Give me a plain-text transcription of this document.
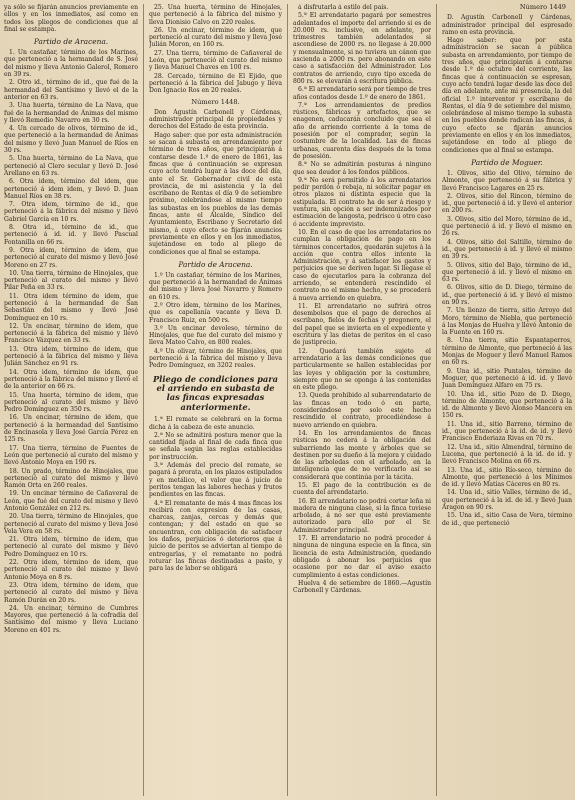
ya sólo se fijarán anuncios previamente en ellos y en los inmediatos, así como en todos los pliegos de condiciones que al final se estampa.

Partido de Aracena.

1. Un castañar, término de los Marines, que perteneció a la hermandad de S. José del mismo y lleva Antonio Galerol, Romero en 39 rs.

2. Otro id., término de id., que fué de la hermandad del Santísimo y llevó el de la anterior en 63 rs.

3. Una huerta, término de La Nava, que fué de la hermandad de Ánimas del mismo y llevó Remedio Navarro en 30 rs.

4. Un cercado de olivos, término de id., que perteneció a la hermandad de Ánimas del mismo y llevó Juan Manuel de Ríos en 30 rs.

5. Una huerta, término de La Nava, que perteneció al Clero secular y llevó D. José Arellano en 63 rs.

6. Otra idem, término del idem, que perteneció á idem idem, y llevó D. Juan Manuel Ríos en 38 rs.

7. Otra idem, término de id., que perteneció á la fábrica del mismo y llevó Gabriel García en 10 rs.

8. Otra id., término de id., que perteneció á id. id. y llevó Pascual Fontanilla en 66 rs.

9. Otra idem, término de idem, que perteneció al curato del mismo y llevó José Moreno en 27 rs.

10. Una tierra, término de Hinojales, que perteneció al curato del mismo y llevó Pilar Peña en 33 rs.

11. Otra idem término de idem, que perteneció á la hermandad de San Sebastián del mismo y llevó José Domínguez en 10 rs.

12. Un encinar, término de idem, que perteneció á la fábrica del mismo y llevó Francisco Vázquez en 33 rs.

13. Otra idem, término de idem, que perteneció á la fábrica del mismo y lleva Julián Sánchez en 91 rs.

14. Otra idem, término de idem, que perteneció á la fábrica del mismo y llevó el de la anterior en 66 rs.

15. Una huerta, término de idem, que perteneció al curato del mismo y llevó Pedro Domínguez en 350 rs.

16. Un encinar, término de idem, que perteneció á la hermandad del Santísimo de Encinasola y lleva José García Pérez en 125 rs.

17. Una tierra, término de Fuentes de León que perteneció al curato del mismo y llevó Antonio Moya en 190 rs.

18. Un prado, término de Hinojales, que perteneció al curato del mismo y llevó Ramón Orta en 260 reales.

19. Un encinar término de Cañaveral de León, que fué del curato del mismo y llevó Antonio González en 212 rs.

20. Una tierra, término de Hinojales, que perteneció al curato del mismo y lleva José Vela Vera en 58 rs.

21. Otra idem, término de idem, que perteneció al curato del mismo y llevó Pedro Domínguez en 10 rs.

22. Otra idem, término de idem, que perteneció al curato del mismo y llevó Antonio Moya en 8 rs.

23. Otra idem, término de idem, que perteneció al curato del mismo y lleva Ramón Durán en 20 rs.

24. Un encinar, término de Cumbres Mayores, que perteneció á la cofradía del Santísimo del mismo y lleva Luciano Moreno en 401 rs.

25. Una huerta, término de Hinojales, que perteneció á la fábrica del mismo y lleva Dionisio Calvo en 220 reales.

26. Un encinar, término de idem, que perteneció al curato del mismo y lleva José Julián Moron, en 160 rs.

27. Una tierra, término de Cañaveral de León, que perteneció al curato del mismo y lleva Manuel Chaves en 100 rs.

28. Cercado, término de El Ejido, que perteneció á la fábrica del Jabugo y lleva Don Ignacio Ros en 20 reales.

Número 1448.

Don Agustín Carbonell y Cárdenas, administrador principal de propiedades y derechos del Estado de esta provincia.

Hago saber: que por esta administración se sacan á subasta en arrendamiento por término de tres años, que principiarán á contarse desde 1.º de enero de 1861, las fincas que á continuación se expresan cuyo acto tendrá lugar á las doce del día, ante el Sr. Gobernador civil de esta provincia, de mi asistencia y la del escribano de Rentas el día 9 de setiembre próximo, celebrándose al mismo tiempo las subastas en los pueblos de las demás fincas, ante el Alcalde, Síndico del Ayuntamiento, Escribano y Secretario del mismo, á cuyo efecto se fijarán anuncios previamente en ellos y en los inmediatos, sujetándose en todo al pliego de condiciones que al final se estampa.

Partido de Aracena.

1.º Un castañar, término de los Marines, que perteneció á la hermandad de Ánimas del mismo y lleva José Navarro y Romero en 610 rs.

2.º Otro ídem, término de los Marines, que es capellanía vacante y lleva D. Francisco Ruiz, en 500 rs.

3.º Un encinar devoleso, término de Hinojales, que fue del curato del mismo y lleva Mateo Calvo, en 800 reales.

4.º Un olivar, término de Hinojales, que perteneció á la fábrica del mismo y lleva Pedro Domínguez, en 3202 reales.

Pliego de condiciones para el arriendo en subasta de las fincas expresadas anteriormente.

1.ª El remate se celebrará en la forma dicha á la cabeza de este anuncio.

2.ª No se admitirá postura menor que la cantidad fijada al final de cada finca que se señala según las reglas establecidas por instrucción.

3.ª Además del precio del remate, se pagará á prorata, en los plazos estipulados y en metálico, el valor que á juicio de peritos tengan las labores hechas y frutos pendientes en las fincas.

4.ª El rematante de más 4 mas fincas los recibirá con expresion de las casas, charcas, zanjas, cercas y demás que contengan; y del estado en que se encuentran, con obligación de satisfacer los daños, perjuicios ó deterioros que á juicio de peritos se adviertan al tiempo de entregarlas, y el rematante no podrá roturar las fincas destinadas a pasto, y para las de labor se obligará

á disfrutarla á estilo del país.

5.ª El arrendatario pagará por semestres adelantados el importe del arriendo si es de 20.000 rs. inclusive, en adelante, por trimestres también adelantados si ascendiese de 2000 rs. no llegase á 20.000 y mensualmente, si no tuviera un cánon que ascienda a 2000 rs. pero abonando en este caso a satisfacción del Administrador. Los contratos de arriendo, cuyo tipo exceda de 800 rs. se elevarán á escritura pública.

6.ª El arrendatario será por tiempo de tres años contados desde 1.º de enero de 1861.

7.ª Los arrendamientos de predios rústicos, fábricas y artefactos, que se enagenen, caducarán concluido que sea el año de arriendo corriente á la toma de posesión por el comprador, según la costumbre de la localidad. Las de fincas urbanas, cuarenta días después de la toma de posesión.

8.ª No se admitirán posturas á ninguno que sea deudor á los fondos públicos.

9.ª No será permitido á los arrendatarios pedir perdón ó rebaja, ni solicitar pagar en otros plazos ni distinta especie que la estipulada. El contrato ha de ser á riesgo y ventura, sin opción a ser indemnizados por estimación de langosta, pedrisco ú otro caso ó accidente imprevisto.

10. En el caso de que los arrendatarios no cumplan la obligación de pago en los términos concertados, quedarán sujetos á la acción que contra ellos intente la Administración, y á satisfacer los gastos y perjuicios que se deriven lugar. Si llegase el caso de ejecutarlos para la cobranza del arriendo, se entenderá rescindido el contrato no el mismo hecho, y se procederá á nueva arriendo en quiebra.

11. El arrendatario no sufrirá otros desembolsos que el pago de derechos al escribano, fielos de fechas y pregonero, el del papel que se invierta en el expediente y escritura y las dietas de peritos en el caso de justiprecio.

12. Quedará también sujeto el arrendatario á las demás condiciones que particularmente se hallen establecidas por las leyes y obligación por la costumbre, siempre que no se oponga á las contenidas en este pliego.

13. Queda prohibido al subarrendatario de las fincas en todo ó en parte, considerándose por solo este hecho rescindido el contrato, procediéndose á nuevo arriendo en quiebra.

14. En los arrendamientos de fincas rústicas no cederá á la obligación del subarriendo las monte y árboles que se destinen por su dueño á la mejora y cuidado de las arboledas con el arbolado, en la inteligencia que de no verificarlo así se considerará que continúa por la tácita.

15. El pago de la contribución es de cuenta del arrendatario.

16. El arrendatario no podrá cortar leña ni madera de ninguna clase, si la finca tuviese arbolado, á no ser que esté previamente autorizado para ello por el Sr. Administrador principal.

17. El arrendatario no podrá proceder á ninguna de ninguna especie en la finca, sin licencia de esta Administración, quedando obligado á abonar los perjuicios que ocasione por no dar el aviso exacto cumplimiento á estas condiciones.

Huelva 4 de setiembre de 1860.—Agustín Carbonell y Cárdenas.

Número 1449

D. Agustín Carbonell y Cárdenas, administrador principal del espresado ramo en esta provincia.

Hago saber: que por esta administración se sacan á pública subasta en arrendamiento, por tiempo de tres años, que principiarán á contarse desde 1.º de octubre del corriente, las fincas que á continuación se espresan, cuyo acto tendrá lugar desde las doce del día en adelante, ante mi presencia, la del oficial 1.º interventor y escribano de Rentas, el día 9 de setiembre del mismo, celebrándose al mismo tiempo la subasta en los pueblos donde radican las fincas, á cuyo efecto se fijarán anuncios previamente en ellos y en los inmediatos, sujetándose en todo al pliego de condiciones que al final se estampa.

Partido de Moguer.

1. Olivos, sitio del Olivo, término de Almonte, que perteneció á su fábrica y llevó Francisco Lagares en 25 rs.

2. Olivos, sitio del Rincon, término de id., que perteneció á id. y llevó el anterior en 200 rs.

3. Olivos, sitio del Moro, término de id., que perteneció á id. y llevó el mismo en 26 rs.

4. Olivos, sitio del Saltillo, término de id., que perteneció á id. y llevó el mismo en 39 rs.

5. Olivos, sitio del Bajo, término de id., que perteneció á id. y llevó el mismo en 63 rs.

6. Olivos, sitio de D. Diego, término de id., que perteneció á id. y llevó el mismo en 90 rs.

7. Un lienzo de tierra, sitio Arroyo del Moro, término de Niebla, que perteneció á las Monjas de Huelva y llevó Antonio de la Fuente en 160 rs.

8. Una tierra, sitio Espantaperros, término de Almonte, que perteneció á las Monjas de Moguer y llevó Manuel Ramos en 60 rs.

9. Una id., sitio Puntales, término de Moguer, que perteneció á id. id. y llevó Juan Domínguez Alfaro en 75 rs.

10. Una id., sitio Pozo de D. Diego, término de Almonte, que perteneció á la id. de Almonte y llevó Alonso Mancera en 150 rs.

11. Una id., sitio Barreno, término de id., que perteneció á la id. de id. y llevó Francisco Enderiaza Rivas en 70 rs.

12. Una id., sitio Almendral, término de Lucena, que perteneció á la id. de id. y llevó Francisco Molina en 66 rs.

13. Una id., sitio Río-seco, término de Almonte, que perteneció á los Mínimos de id. y llevó Matías Cáceres en 80 rs.

14. Una id., sitio Valles, término de id., que perteneció á la id. de id. y llevó Juan Aragon en 90 rs.

15. Una id., sitio Casa de Vera, término de id., que perteneció
